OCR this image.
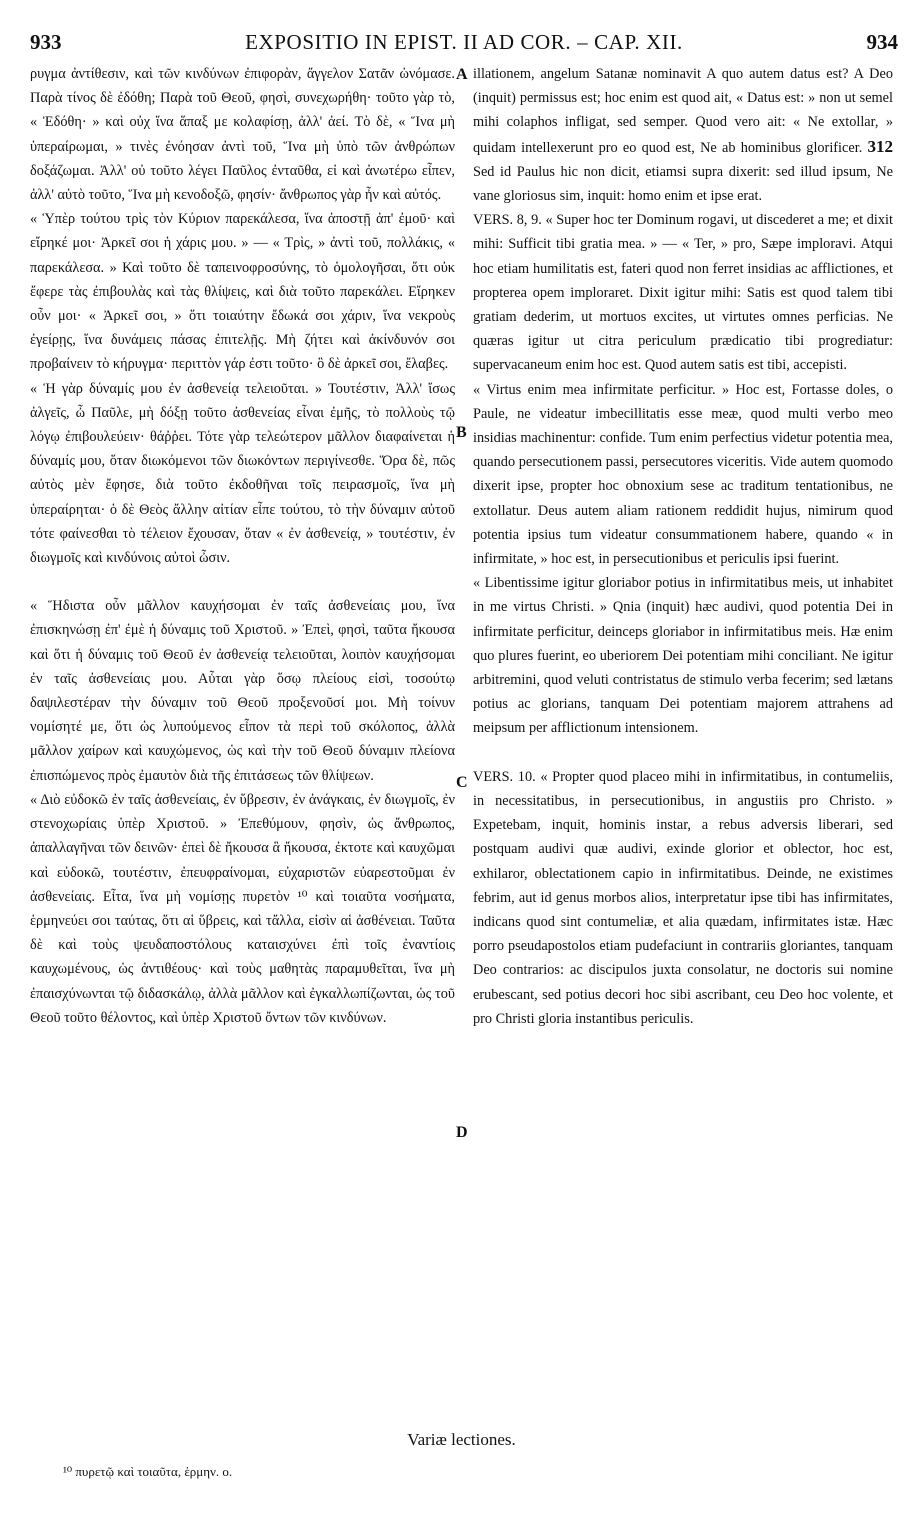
933	EXPOSITIO IN EPIST. II AD COR. – CAP. XII.	934

ρυγμα ἀντίθεσιν, καὶ τῶν κινδύνων ἐπιφορὰν, ἄγγελον Σατᾶν ὠνόμασε. Παρὰ τίνος δὲ ἐδόθη; Παρὰ τοῦ Θεοῦ, φησὶ, συνεχωρήθη· τοῦτο γὰρ τὸ, « Ἐδόθη· » καὶ οὐχ ἵνα ἅπαξ με κολαφίσῃ, ἀλλ' ἀεί. Τὸ δὲ, « Ἵνα μὴ ὑπεραίρωμαι, » τινὲς ἐνόησαν ἀντὶ τοῦ, Ἵνα μὴ ὑπὸ τῶν ἀνθρώπων δοξάζωμαι. Ἀλλ' οὐ τοῦτο λέγει Παῦλος ἐνταῦθα, εἰ καὶ ἀνωτέρω εἶπεν, ἀλλ' αὐτὸ τοῦτο, Ἵνα μὴ κενοδοξῶ, φησίν· ἄνθρωπος γὰρ ἦν καὶ αὐτός.

« Ὑπὲρ τούτου τρὶς τὸν Κύριον παρεκάλεσα, ἵνα ἀποστῇ ἀπ' ἐμοῦ· καὶ εἴρηκέ μοι· Ἀρκεῖ σοι ἡ χάρις μου. » — « Τρὶς, » ἀντὶ τοῦ, πολλάκις, « παρεκάλεσα. » Καὶ τοῦτο δὲ ταπεινοφροσύνης, τὸ ὁμολογῆσαι, ὅτι οὐκ ἔφερε τὰς ἐπιβουλὰς καὶ τὰς θλίψεις, καὶ διὰ τοῦτο παρεκάλει. Εἴρηκεν οὖν μοι· « Ἀρκεῖ σοι, » ὅτι τοιαύτην ἔδωκά σοι χάριν, ἵνα νεκροὺς ἐγείρῃς, ἵνα δυνάμεις πάσας ἐπιτελῇς. Μὴ ζήτει καὶ ἀκίνδυνόν σοι προβαίνειν τὸ κήρυγμα· περιττὸν γάρ ἐστι τοῦτο· ὃ δὲ ἀρκεῖ σοι, ἔλαβες.

« Ἡ γὰρ δύναμίς μου ἐν ἀσθενείᾳ τελειοῦται. » Τουτέστιν, Ἀλλ' ἴσως ἀλγεῖς, ὦ Παῦλε, μὴ δόξῃ τοῦτο ἀσθενείας εἶναι ἐμῆς, τὸ πολλοὺς τῷ λόγῳ ἐπιβουλεύειν· θάῤῥει. Τότε γὰρ τελεώτερον μᾶλλον διαφαίνεται ἡ δύναμίς μου, ὅταν διωκόμενοι τῶν διωκόντων περιγίνεσθε. Ὅρα δὲ, πῶς αὐτὸς μὲν ἔφησε, διὰ τοῦτο ἐκδοθῆναι τοῖς πειρασμοῖς, ἵνα μὴ ὑπεραίρηται· ὁ δὲ Θεὸς ἄλλην αἰτίαν εἶπε τούτου, τὸ τὴν δύναμιν αὐτοῦ τότε φαίνεσθαι τὸ τέλειον ἔχουσαν, ὅταν « ἐν ἀσθενείᾳ, » τουτέστιν, ἐν διωγμοῖς καὶ κινδύνοις αὐτοὶ ὦσιν.

« Ἥδιστα οὖν μᾶλλον καυχήσομαι ἐν ταῖς ἀσθενείαις μου, ἵνα ἐπισκηνώσῃ ἐπ' ἐμὲ ἡ δύναμις τοῦ Χριστοῦ. » Ἐπεὶ, φησὶ, ταῦτα ἤκουσα καὶ ὅτι ἡ δύναμις τοῦ Θεοῦ ἐν ἀσθενείᾳ τελειοῦται, λοιπὸν καυχήσομαι ἐν ταῖς ἀσθενείαις μου. Αὗται γὰρ ὅσῳ πλείους εἰσὶ, τοσούτῳ δαψιλεστέραν τὴν δύναμιν τοῦ Θεοῦ προξενοῦσί μοι. Μὴ τοίνυν νομίσητέ με, ὅτι ὡς λυπούμενος εἶπον τὰ περὶ τοῦ σκόλοπος, ἀλλὰ μᾶλλον χαίρων καὶ καυχώμενος, ὡς καὶ τὴν τοῦ Θεοῦ δύναμιν πλείονα ἐπισπώμενος πρὸς ἐμαυτὸν διὰ τῆς ἐπιτάσεως τῶν θλίψεων.

« Διὸ εὐδοκῶ ἐν ταῖς ἀσθενείαις, ἐν ὕβρεσιν, ἐν ἀνάγκαις, ἐν διωγμοῖς, ἐν στενοχωρίαις ὑπὲρ Χριστοῦ. » Ἐπεθύμουν, φησὶν, ὡς ἄνθρωπος, ἀπαλλαγῆναι τῶν δεινῶν· ἐπεὶ δὲ ἤκουσα ἃ ἤκουσα, ἐκτοτε καὶ καυχῶμαι καὶ εὐδοκῶ, τουτέστιν, ἐπευφραίνομαι, εὐχαριστῶν εὐαρεστοῦμαι ἐν ἀσθενείαις. Εἶτα, ἵνα μὴ νομίσῃς πυρετὸν ¹⁰ καὶ τοιαῦτα νοσήματα, ἑρμηνεύει σοι ταύτας, ὅτι αἱ ὕβρεις, καὶ τἄλλα, εἰσὶν αἱ ἀσθένειαι. Ταῦτα δὲ καὶ τοὺς ψευδαποστόλους καταισχύνει ἐπὶ τοῖς ἐναντίοις καυχωμένους, ὡς ἀντιθέους· καὶ τοὺς μαθητὰς παραμυθεῖται, ἵνα μὴ ἐπαισχύνωνται τῷ διδασκάλῳ, ἀλλὰ μᾶλλον καὶ ἐγκαλλωπίζωνται, ὡς τοῦ Θεοῦ τοῦτο θέλοντος, καὶ ὑπὲρ Χριστοῦ ὄντων τῶν κινδύνων.

A
B
C
D

illationem, angelum Satanæ nominavit A quo autem datus est? A Deo (inquit) permissus est; hoc enim est quod ait, « Datus est: » non ut semel mihi colaphos infligat, sed semper. Quod vero ait: « Ne extollar, » quidam intellexerunt pro eo quod est, Ne ab hominibus glorificer. 312 Sed id Paulus hic non dicit, etiamsi supra dixerit: sed illud ipsum, Ne vane gloriosus sim, inquit: homo enim et ipse erat.

VERS. 8, 9. « Super hoc ter Dominum rogavi, ut discederet a me; et dixit mihi: Sufficit tibi gratia mea. » — « Ter, » pro, Sæpe imploravi. Atqui hoc etiam humilitatis est, fateri quod non ferret insidias ac afflictiones, et propterea opem imploraret. Dixit igitur mihi: Satis est quod talem tibi gratiam dederim, ut mortuos excites, ut virtutes omnes perficias. Ne quæras igitur ut citra periculum prædicatio tibi progrediatur: supervacaneum enim hoc est. Quod autem satis est tibi, accepisti.

« Virtus enim mea infirmitate perficitur. » Hoc est, Fortasse doles, o Paule, ne videatur imbecillitatis esse meæ, quod multi verbo meo insidias machinentur: confide. Tum enim perfectius videtur potentia mea, quando persecutionem passi, persecutores viceritis. Vide autem quomodo dixerit ipse, propter hoc obnoxium sese ac traditum tentationibus, ne extollatur. Deus autem aliam rationem reddidit hujus, nimirum quod potentia ipsius tum videatur consummationem habere, quando « in infirmitate, » hoc est, in persecutionibus et periculis ipsi fuerint.

« Libentissime igitur gloriabor potius in infirmitatibus meis, ut inhabitet in me virtus Christi. » Qnia (inquit) hæc audivi, quod potentia Dei in infirmitate perficitur, deinceps gloriabor in infirmitatibus meis. Hæ enim quo plures fuerint, eo uberiorem Dei potentiam mihi conciliant. Ne igitur arbitremini, quod veluti contristatus de stimulo verba fecerim; sed lætans potius ac glorians, tanquam Dei potentiam majorem attrahens ad meipsum per afflictionum intensionem.

VERS. 10. « Propter quod placeo mihi in infirmitatibus, in contumeliis, in necessitatibus, in persecutionibus, in angustiis pro Christo. » Expetebam, inquit, hominis instar, a rebus adversis liberari, sed postquam audivi quæ audivi, exinde glorior et oblector, hoc est, exhilaror, oblectationem capio in infirmitatibus. Deinde, ne existimes febrim, aut id genus morbos alios, interpretatur ipse tibi has infirmitates, indicans quod sint contumeliæ, et alia quædam, infirmitates istæ. Hæc porro pseudapostolos etiam pudefaciunt in contrariis gloriantes, tanquam Deo contrarios: ac discipulos juxta consolatur, ne doctoris sui nomine erubescant, sed potius decori hoc sibi ascribant, ceu Deo hoc volente, et pro Christi gloria instantibus periculis.

Variæ lectiones.
¹⁰ πυρετῷ καὶ τοιαῦτα, ἑρμην. ο.
